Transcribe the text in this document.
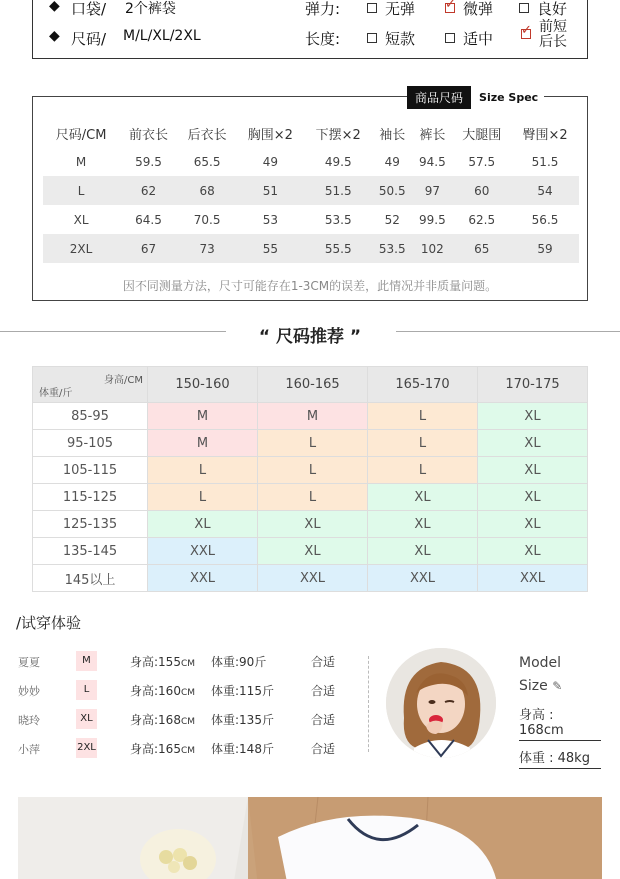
◆ 口袋/ 2个裤袋	弹力:	无弹 ✓	微弹	良好
◆ 尺码/ M/L/XL/2XL	长度:	短款	适中
✓前短
后长
商品尺码 Size Spec
尺码/CM	前衣长	后衣长	胸围×2	下摆×2	袖长	裤长	大腿围	臀围×2
M	59.5	65.5	49	49.5	49	94.5	57.5	51.5
L	62	68	51	51.5	50.5	97	60	54
XL	64.5	70.5	53	53.5	52	99.5	62.5	56.5
2XL	67	73	55	55.5	53.5	102	65	59
因不同测量方法，尺寸可能存在1-3CM的误差，此情况并非质量问题。
“ 尺码推荐 ”
身高/CM
体重/斤	150-160	160-165	165-170	170-175
85-95	M	M	L	XL
95-105	M	L	L	XL
105-115	L	L	L	XL
115-125	L	L	XL	XL
125-135	XL	XL	XL	XL
135-145	XXL	XL	XL	XL
145以上	XXL	XXL	XXL	XXL
/试穿体验
夏夏	M	身高:155CM 体重:90斤	合适
妙妙	L	身高:160CM 体重:115斤	合适
晓玲	XL	身高:168CM 体重:135斤	合适
小萍	2XL	身高:165CM 体重:148斤	合适
Model
Size ✎
身高 : 168cm
体重 : 48kg
